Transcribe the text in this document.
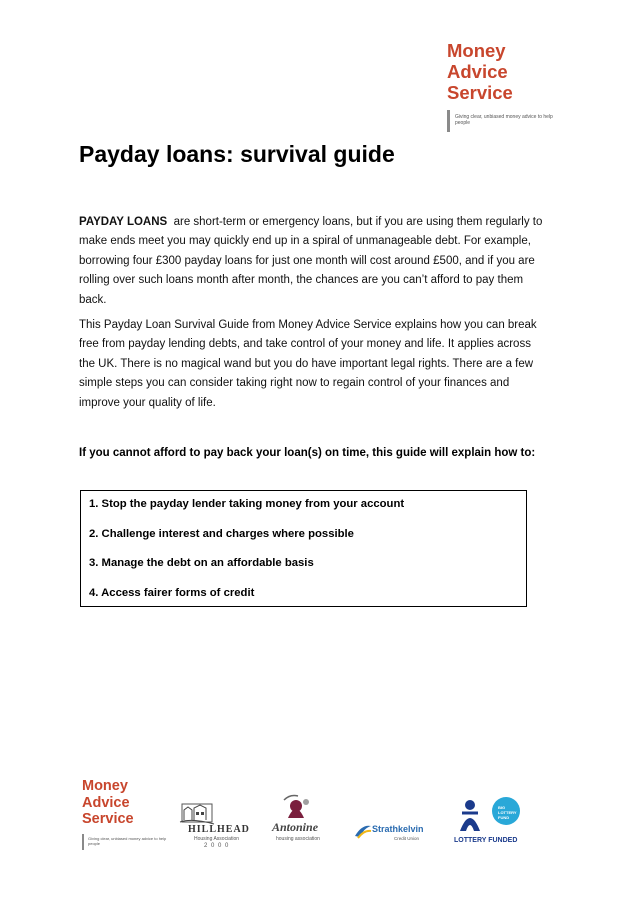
Money
Advice
Service
Giving clear, unbiased money advice to help people
Payday loans: survival guide
PAYDAY LOANS are short-term or emergency loans, but if you are using them regularly to
make ends meet you may quickly end up in a spiral of unmanageable debt. For example,
borrowing four £300 payday loans for just one month will cost around £500, and if you are
rolling over such loans month after month, the chances are you can’t afford to pay them
back.
This Payday Loan Survival Guide from Money Advice Service explains how you can break
free from payday lending debts, and take control of your money and life. It applies across
the UK. There is no magical wand but you do have important legal rights. There are a few
simple steps you can consider taking right now to regain control of your finances and
improve your quality of life.
If you cannot afford to pay back your loan(s) on time, this guide will explain how to:
1. Stop the payday lender taking money from your account
2. Challenge interest and charges where possible
3. Manage the debt on an affordable basis
4. Access fairer forms of credit
Money
Advice
Service
Giving clear, unbiased money advice to help people
HILLHEAD
Housing Association
2 0 0 0
Antonine
housing association
Strathkelvin
Credit Union
BIG LOTTERY FUND
LOTTERY FUNDED
